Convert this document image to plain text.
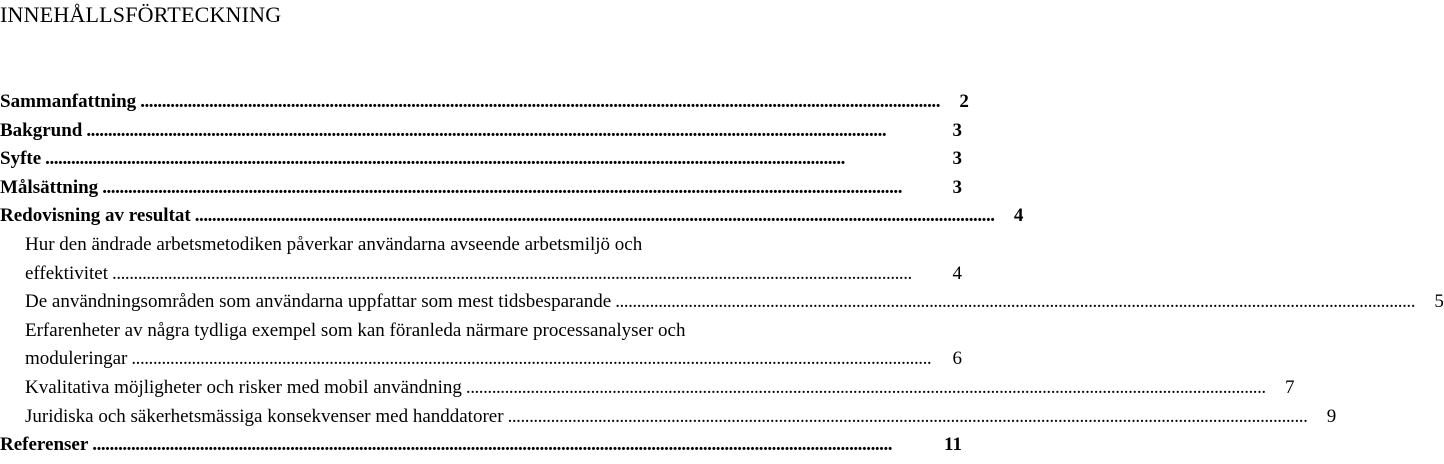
INNEHÅLLSFÖRTECKNING
Sammanfattning . . .	2
Bakgrund . . .	3
Syfte . . .	3
Målsättning . . .	3
Redovisning av resultat . . .	4
Hur den ändrade arbetsmetodiken påverkar användarna avseende arbetsmiljö och
effektivitet . . .	4
De användningsområden som användarna uppfattar som mest tidsbesparande . . .	5
Erfarenheter av några tydliga exempel som kan föranleda närmare processanalyser och
moduleringar . . .	6
Kvalitativa möjligheter och risker med mobil användning . . .	7
Juridiska och säkerhetsmässiga konsekvenser med handdatorer . . .	9
Referenser . . .	11
